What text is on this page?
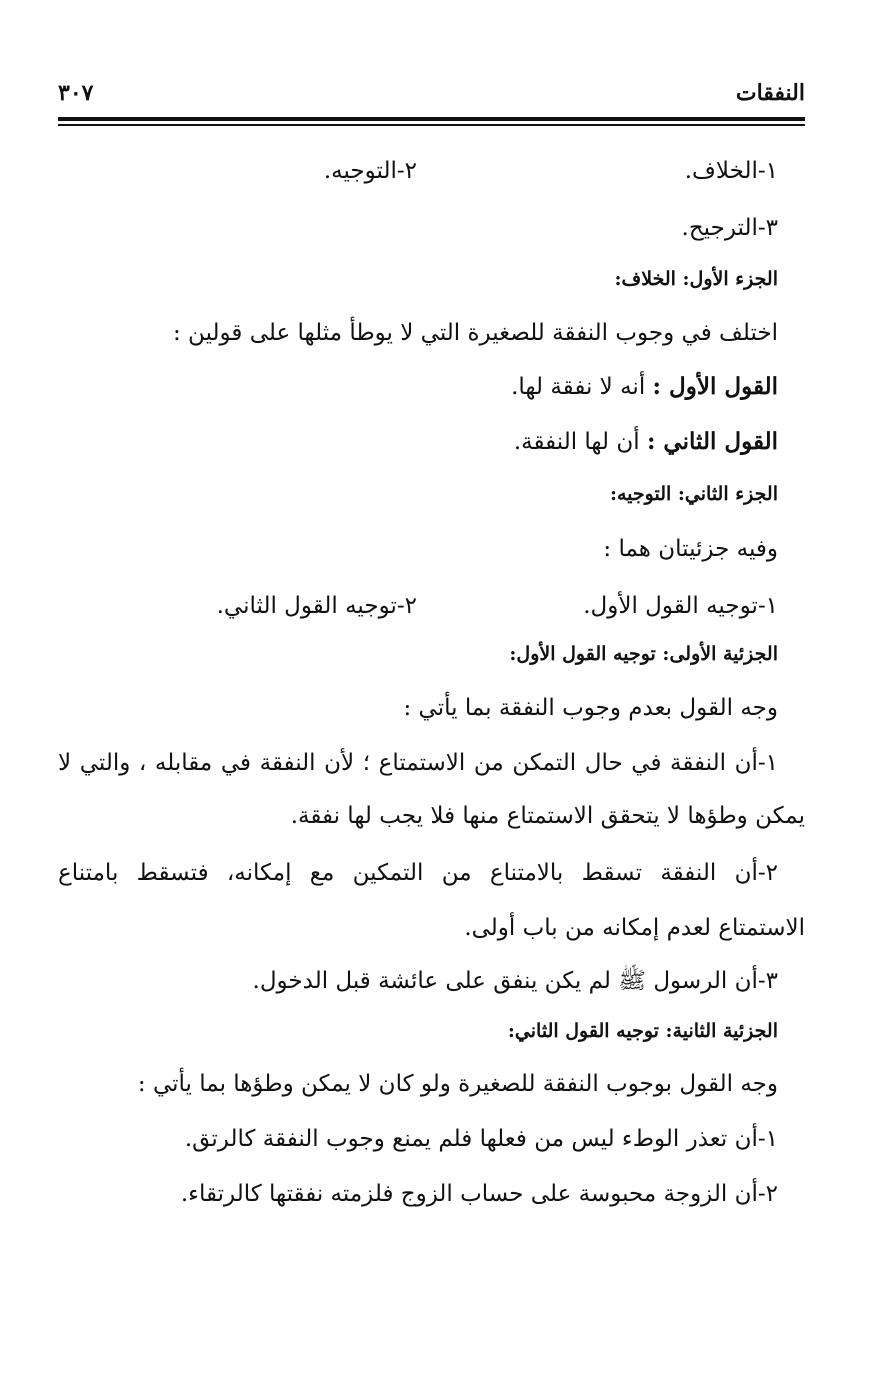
النفقات
٣٠٧
١-الخلاف.
٢-التوجيه.
٣-الترجيح.
الجزء الأول: الخلاف:
اختلف في وجوب النفقة للصغيرة التي لا يوطأ مثلها على قولين :
القول الأول : أنه لا نفقة لها.
القول الثاني : أن لها النفقة.
الجزء الثاني: التوجيه:
وفيه جزئيتان هما :
١-توجيه القول الأول.
٢-توجيه القول الثاني.
الجزئية الأولى: توجيه القول الأول:
وجه القول بعدم وجوب النفقة بما يأتي :
١-أن النفقة في حال التمكن من الاستمتاع ؛ لأن النفقة في مقابله ، والتي لا
يمكن وطؤها لا يتحقق الاستمتاع منها فلا يجب لها نفقة.
٢-أن النفقة تسقط بالامتناع من التمكين مع إمكانه، فتسقط بامتناع
الاستمتاع لعدم إمكانه من باب أولى.
٣-أن الرسول ﷺ لم يكن ينفق على عائشة قبل الدخول.
الجزئية الثانية: توجيه القول الثاني:
وجه القول بوجوب النفقة للصغيرة ولو كان لا يمكن وطؤها بما يأتي :
١-أن تعذر الوطء ليس من فعلها فلم يمنع وجوب النفقة كالرتق.
٢-أن الزوجة محبوسة على حساب الزوج فلزمته نفقتها كالرتقاء.
